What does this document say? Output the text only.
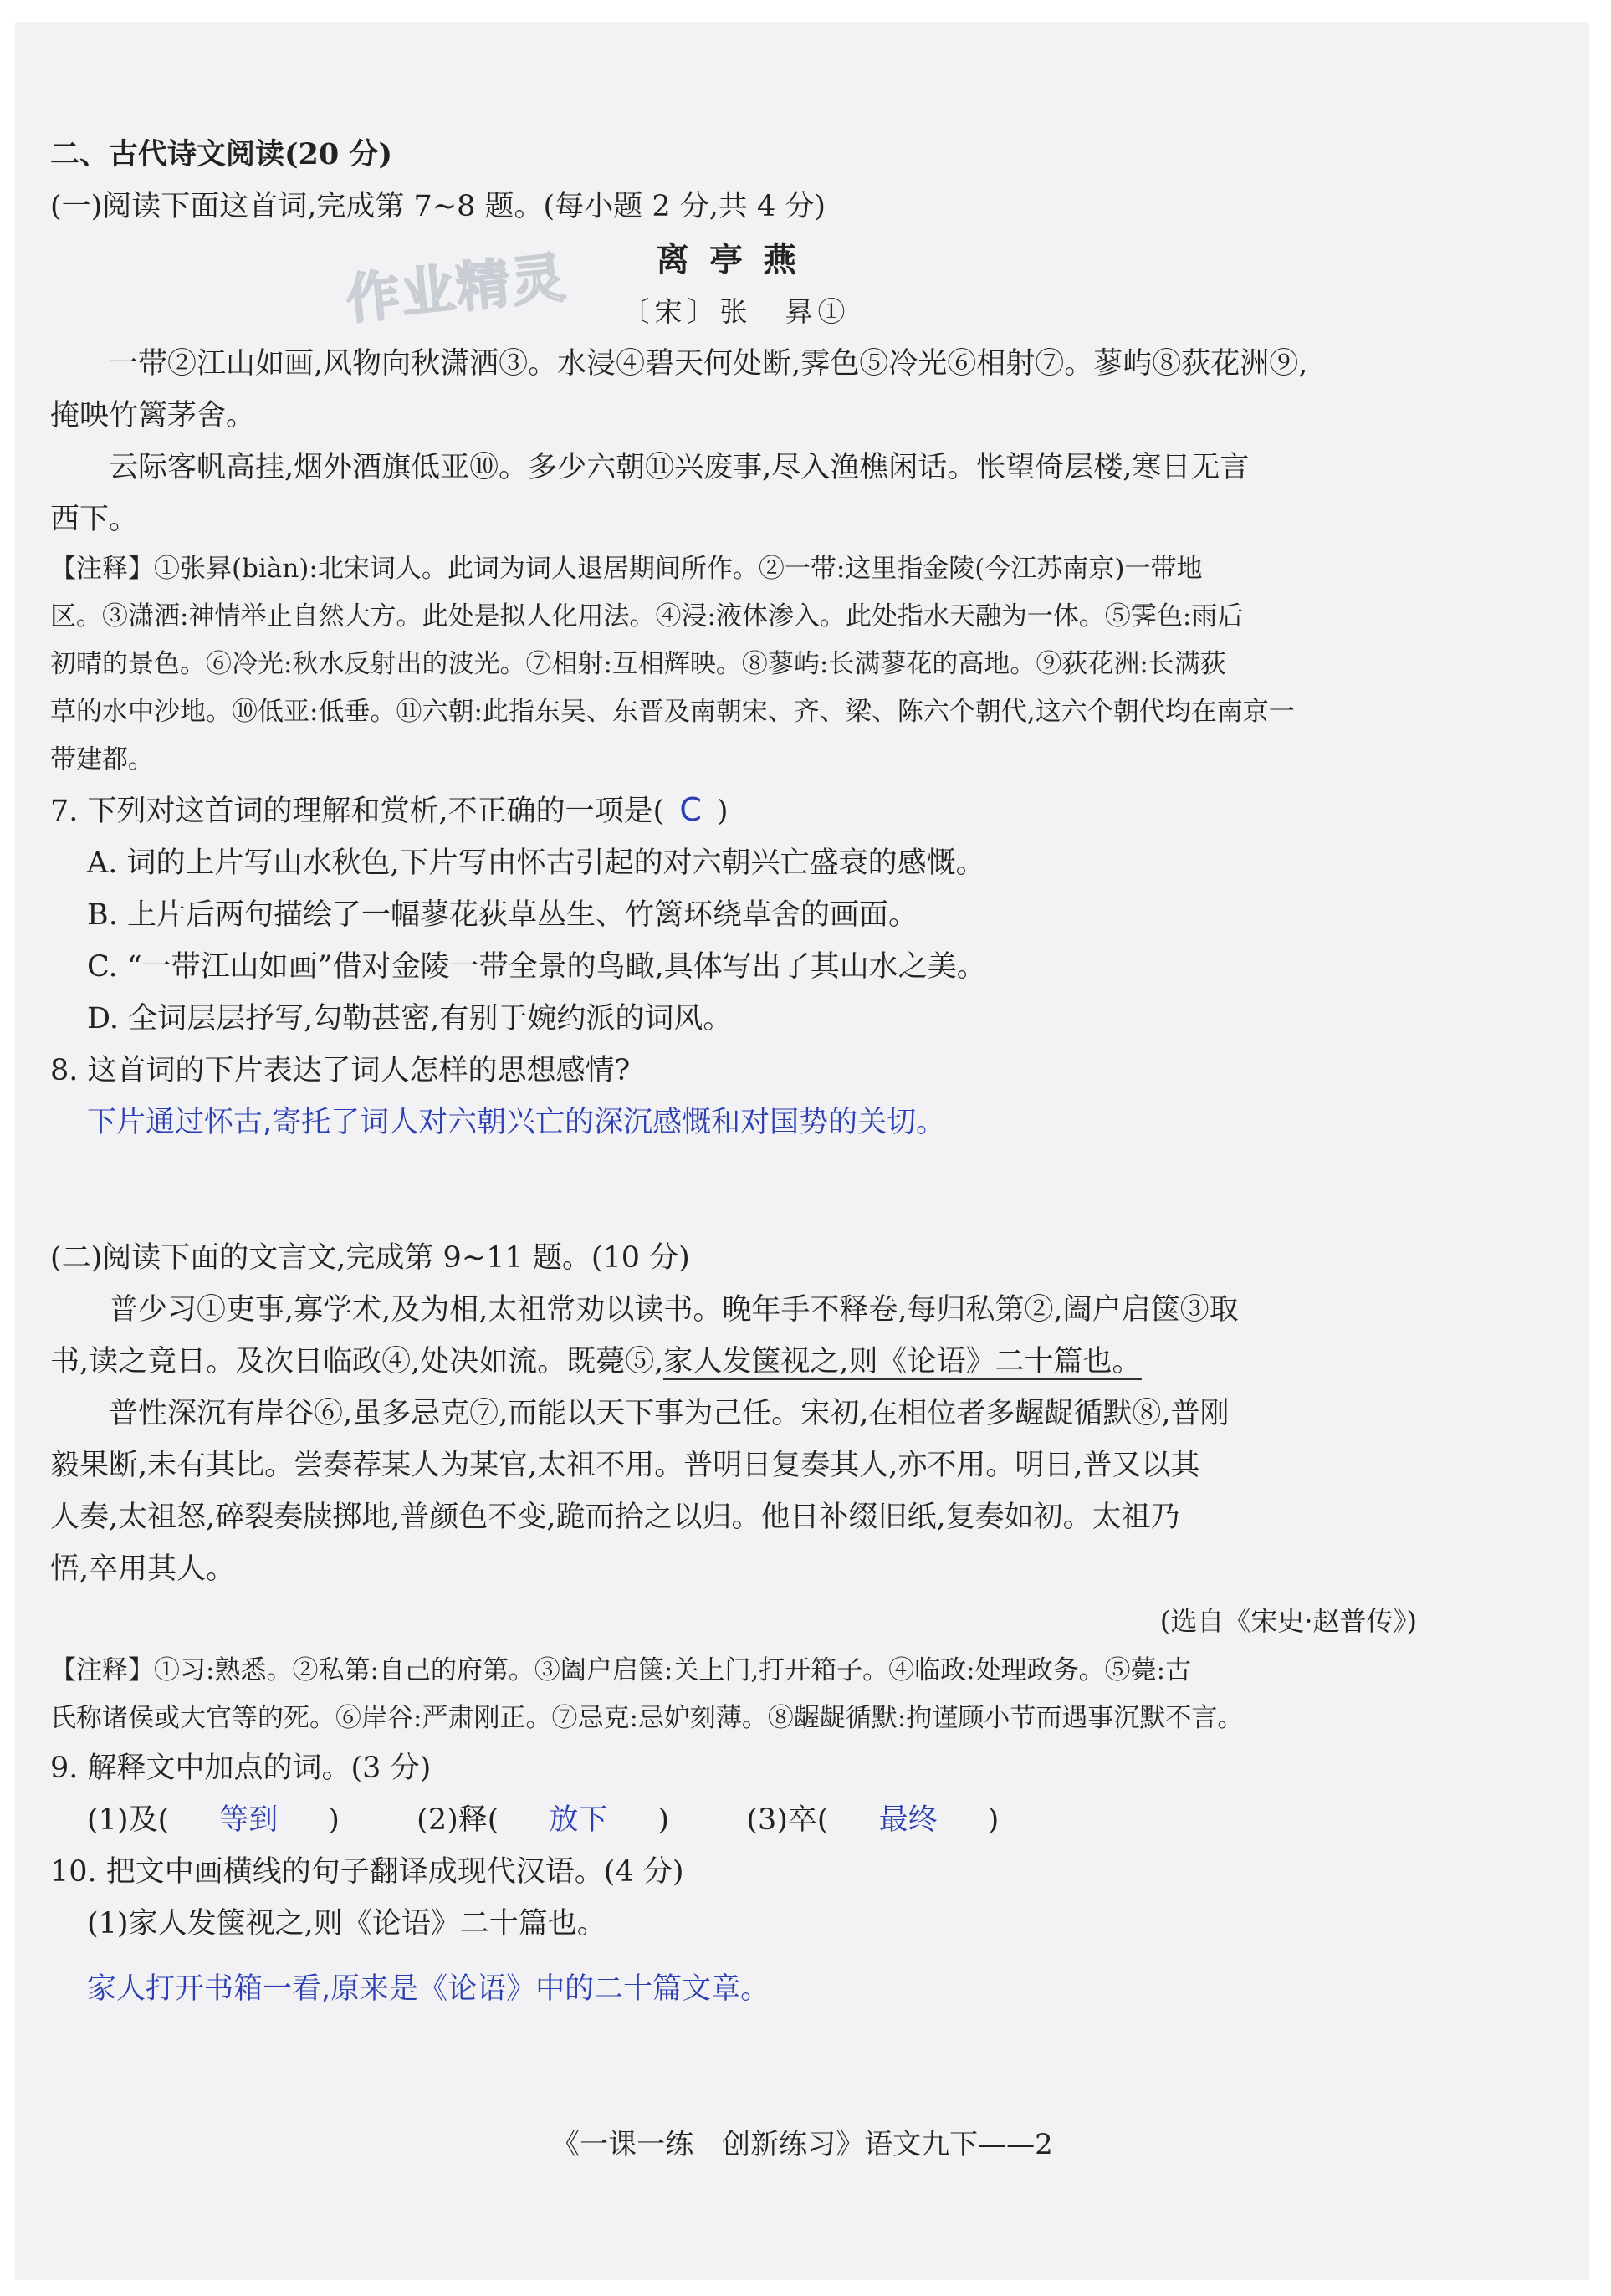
作业精灵
二、古代诗文阅读(20 分)
(一)阅读下面这首词,完成第 7~8 题。(每小题 2 分,共 4 分)
离亭燕
〔宋〕张　昪①
一带②江山如画,风物向秋潇洒③。水浸④碧天何处断,霁色⑤冷光⑥相射⑦。蓼屿⑧荻花洲⑨,
掩映竹篱茅舍。
云际客帆高挂,烟外酒旗低亚⑩。多少六朝⑪兴废事,尽入渔樵闲话。怅望倚层楼,寒日无言
西下。
【注释】①张昪(biàn):北宋词人。此词为词人退居期间所作。②一带:这里指金陵(今江苏南京)一带地
区。③潇洒:神情举止自然大方。此处是拟人化用法。④浸:液体渗入。此处指水天融为一体。⑤霁色:雨后
初晴的景色。⑥冷光:秋水反射出的波光。⑦相射:互相辉映。⑧蓼屿:长满蓼花的高地。⑨荻花洲:长满荻
草的水中沙地。⑩低亚:低垂。⑪六朝:此指东吴、东晋及南朝宋、齐、梁、陈六个朝代,这六个朝代均在南京一
带建都。
7. 下列对这首词的理解和赏析,不正确的一项是( C )
A. 词的上片写山水秋色,下片写由怀古引起的对六朝兴亡盛衰的感慨。
B. 上片后两句描绘了一幅蓼花荻草丛生、竹篱环绕草舍的画面。
C. “一带江山如画”借对金陵一带全景的鸟瞰,具体写出了其山水之美。
D. 全词层层抒写,勾勒甚密,有别于婉约派的词风。
8. 这首词的下片表达了词人怎样的思想感情?
下片通过怀古,寄托了词人对六朝兴亡的深沉感慨和对国势的关切。
(二)阅读下面的文言文,完成第 9~11 题。(10 分)
普少习①吏事,寡学术,及为相,太祖常劝以读书。晚年手不释卷,每归私第②,阖户启箧③取
书,读之竟日。及次日临政④,处决如流。既薨⑤,家人发箧视之,则《论语》二十篇也。
普性深沉有岸谷⑥,虽多忌克⑦,而能以天下事为己任。宋初,在相位者多龌龊循默⑧,普刚
毅果断,未有其比。尝奏荐某人为某官,太祖不用。普明日复奏其人,亦不用。明日,普又以其
人奏,太祖怒,碎裂奏牍掷地,普颜色不变,跪而拾之以归。他日补缀旧纸,复奏如初。太祖乃
悟,卒用其人。
(选自《宋史·赵普传》)
【注释】①习:熟悉。②私第:自己的府第。③阖户启箧:关上门,打开箱子。④临政:处理政务。⑤薨:古
氏称诸侯或大官等的死。⑥岸谷:严肃刚正。⑦忌克:忌妒刻薄。⑧龌龊循默:拘谨顾小节而遇事沉默不言。
9. 解释文中加点的词。(3 分)
(1)及( 等到 )	(2)释( 放下 )	(3)卒( 最终 )
10. 把文中画横线的句子翻译成现代汉语。(4 分)
(1)家人发箧视之,则《论语》二十篇也。
家人打开书箱一看,原来是《论语》中的二十篇文章。
《一课一练　创新练习》语文九下——2
